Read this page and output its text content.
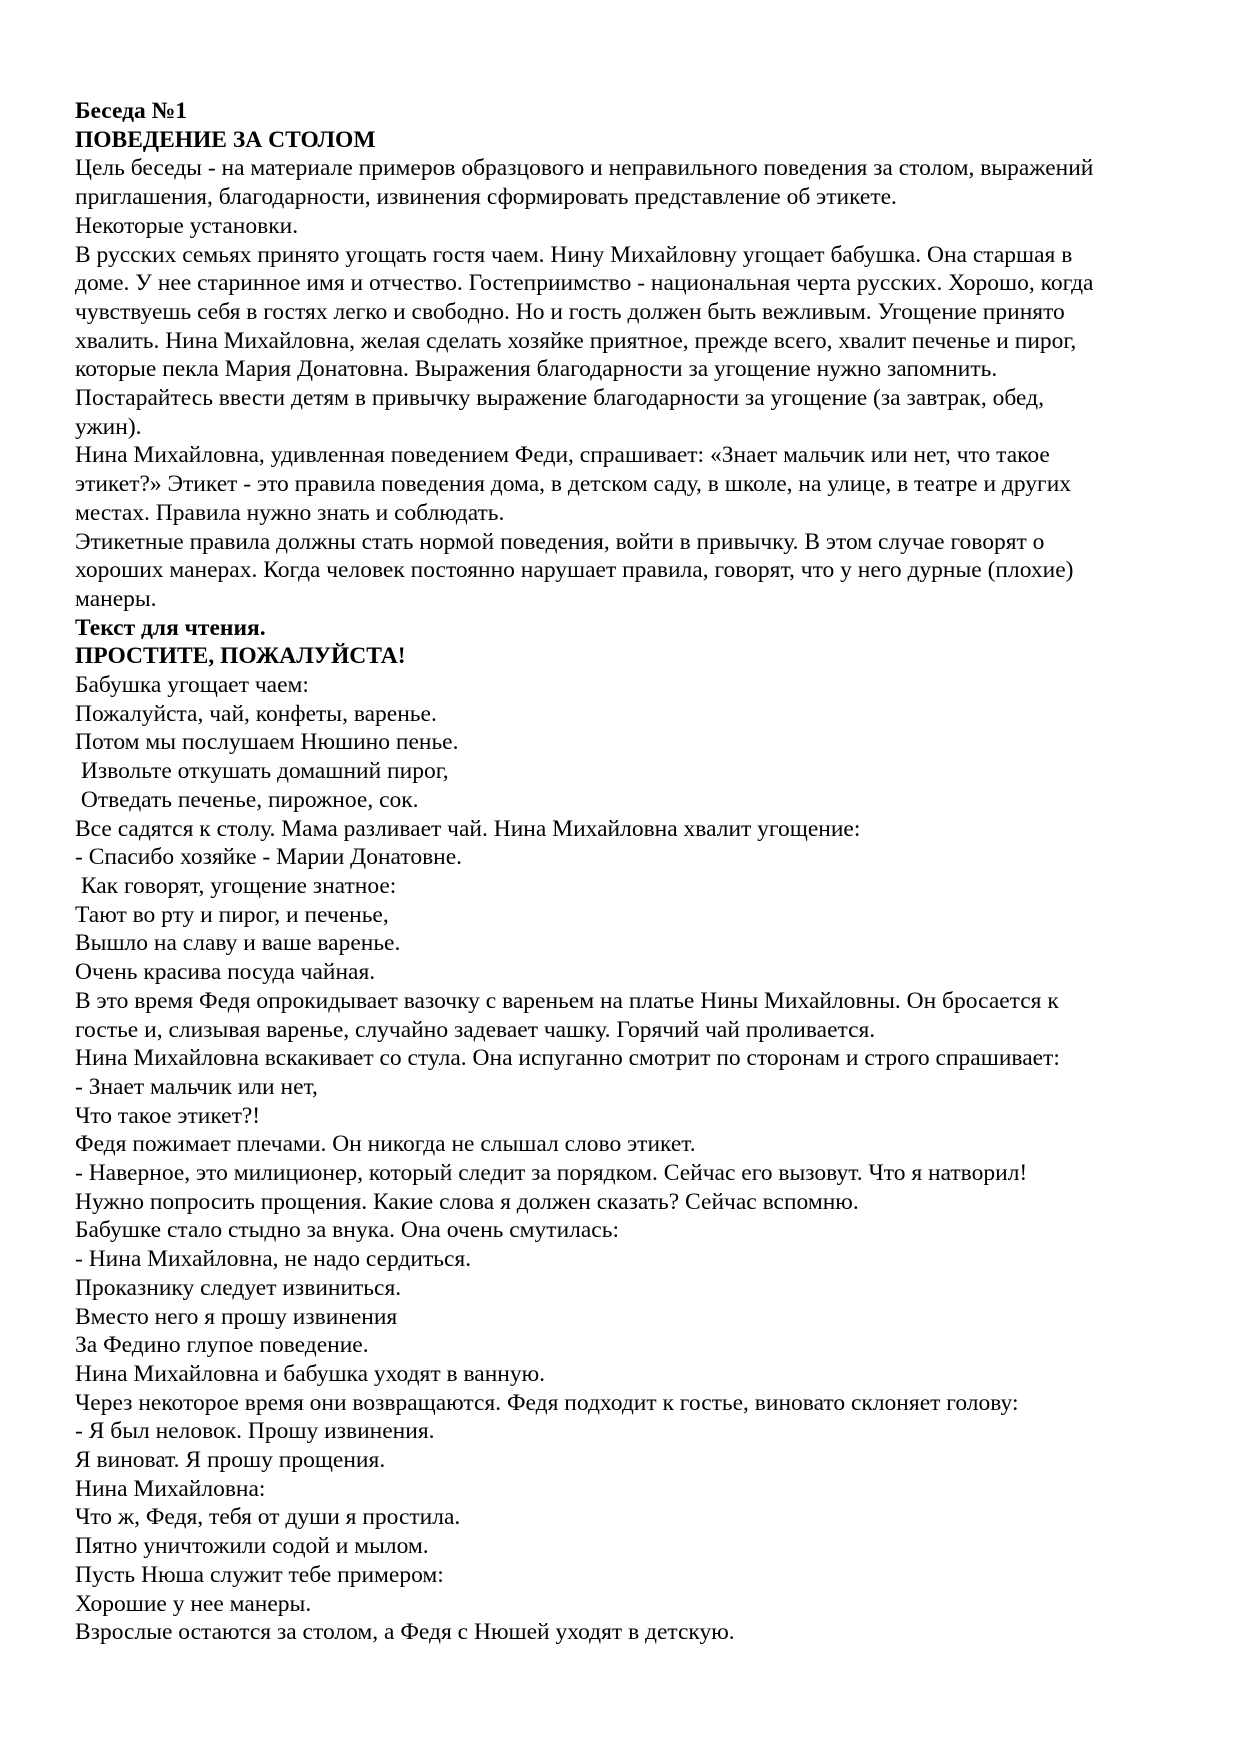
Беседа №1

ПОВЕДЕНИЕ ЗА СТОЛОМ

Цель беседы - на материале примеров образцового и неправильного поведения за столом, выражений

приглашения, благодарности, извинения сформировать представление об этикете.

Некоторые установки.

В русских семьях принято угощать гостя чаем. Нину Михайловну угощает бабушка. Она старшая в

доме. У нее старинное имя и отчество. Гостеприимство - национальная черта русских. Хорошо, когда

чувствуешь себя в гостях легко и свободно. Но и гость должен быть вежливым. Угощение принято

хвалить. Нина Михайловна, желая сделать хозяйке приятное, прежде всего, хвалит печенье и пирог,

которые пекла Мария Донатовна. Выражения благодарности за угощение нужно запомнить.

Постарайтесь ввести детям в привычку выражение благодарности за угощение (за завтрак, обед,

ужин).

Нина Михайловна, удивленная поведением Феди, спрашивает: «Знает мальчик или нет, что такое

этикет?» Этикет - это правила поведения дома, в детском саду, в школе, на улице, в театре и других

местах. Правила нужно знать и соблюдать.

Этикетные правила должны стать нормой поведения, войти в привычку. В этом случае говорят о

хороших манерах. Когда человек постоянно нарушает правила, говорят, что у него дурные (плохие)

манеры.

Текст для чтения.

ПРОСТИТЕ, ПОЖАЛУЙСТА!

Бабушка угощает чаем:

Пожалуйста, чай, конфеты, варенье.

Потом мы послушаем Нюшино пенье.

Извольте откушать домашний пирог,

Отведать печенье, пирожное, сок.

Все садятся к столу. Мама разливает чай. Нина Михайловна хвалит угощение:

- Спасибо хозяйке - Марии Донатовне.

Как говорят, угощение знатное:

Тают во рту и пирог, и печенье,

Вышло на славу и ваше варенье.

Очень красива посуда чайная.

В это время Федя опрокидывает вазочку с вареньем на платье Нины Михайловны. Он бросается к

гостье и, слизывая варенье, случайно задевает чашку. Горячий чай проливается.

Нина Михайловна вскакивает со стула. Она испуганно смотрит по сторонам и строго спрашивает:

- Знает мальчик или нет,

Что такое этикет?!

Федя пожимает плечами. Он никогда не слышал слово этикет.

- Наверное, это милиционер, который следит за порядком. Сейчас его вызовут. Что я натворил!

Нужно попросить прощения. Какие слова я должен сказать? Сейчас вспомню.

Бабушке стало стыдно за внука. Она очень смутилась:

- Нина Михайловна, не надо сердиться.

Проказнику следует извиниться.

Вместо него я прошу извинения

За Федино глупое поведение.

Нина Михайловна и бабушка уходят в ванную.

Через некоторое время они возвращаются. Федя подходит к гостье, виновато склоняет голову:

- Я был неловок. Прошу извинения.

Я виноват. Я прошу прощения.

Нина Михайловна:

Что ж, Федя, тебя от души я простила.

Пятно уничтожили содой и мылом.

Пусть Нюша служит тебе примером:

Хорошие у нее манеры.

Взрослые остаются за столом, а Федя с Нюшей уходят в детскую.
